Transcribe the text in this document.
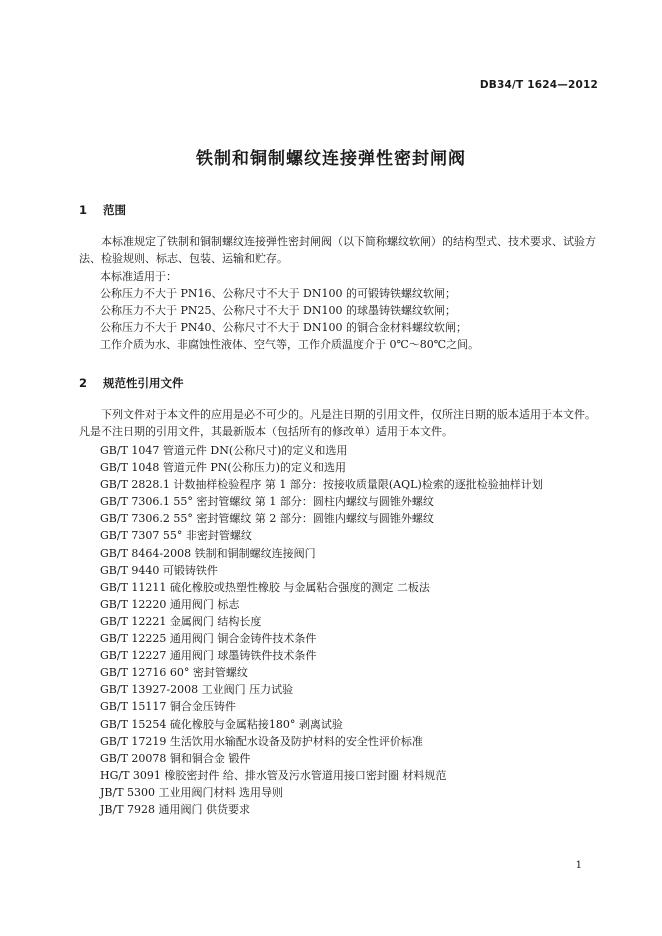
DB34/T 1624—2012
铁制和铜制螺纹连接弹性密封闸阀
1 范围
本标准规定了铁制和铜制螺纹连接弹性密封闸阀（以下简称螺纹软闸）的结构型式、技术要求、试验方法、检验规则、标志、包装、运输和贮存。
本标准适用于：
公称压力不大于 PN16、公称尺寸不大于 DN100 的可锻铸铁螺纹软闸；
公称压力不大于 PN25、公称尺寸不大于 DN100 的球墨铸铁螺纹软闸；
公称压力不大于 PN40、公称尺寸不大于 DN100 的铜合金材料螺纹软闸；
工作介质为水、非腐蚀性液体、空气等，工作介质温度介于 0℃～80℃之间。
2 规范性引用文件
下列文件对于本文件的应用是必不可少的。凡是注日期的引用文件，仅所注日期的版本适用于本文件。凡是不注日期的引用文件，其最新版本（包括所有的修改单）适用于本文件。
GB/T 1047 管道元件 DN(公称尺寸)的定义和选用
GB/T 1048 管道元件 PN(公称压力)的定义和选用
GB/T 2828.1 计数抽样检验程序 第 1 部分：按接收质量限(AQL)检索的逐批检验抽样计划
GB/T 7306.1 55° 密封管螺纹 第 1 部分：圆柱内螺纹与圆锥外螺纹
GB/T 7306.2 55° 密封管螺纹 第 2 部分：圆锥内螺纹与圆锥外螺纹
GB/T 7307 55° 非密封管螺纹
GB/T 8464-2008 铁制和铜制螺纹连接阀门
GB/T 9440 可锻铸铁件
GB/T 11211 硫化橡胶或热塑性橡胶 与金属粘合强度的测定 二板法
GB/T 12220 通用阀门 标志
GB/T 12221 金属阀门 结构长度
GB/T 12225 通用阀门 铜合金铸件技术条件
GB/T 12227 通用阀门 球墨铸铁件技术条件
GB/T 12716 60° 密封管螺纹
GB/T 13927-2008 工业阀门 压力试验
GB/T 15117 铜合金压铸件
GB/T 15254 硫化橡胶与金属粘接180° 剥离试验
GB/T 17219 生活饮用水输配水设备及防护材料的安全性评价标准
GB/T 20078 铜和铜合金 锻件
HG/T 3091 橡胶密封件 给、排水管及污水管道用接口密封圈 材料规范
JB/T 5300 工业用阀门材料 选用导则
JB/T 7928 通用阀门 供货要求
1
